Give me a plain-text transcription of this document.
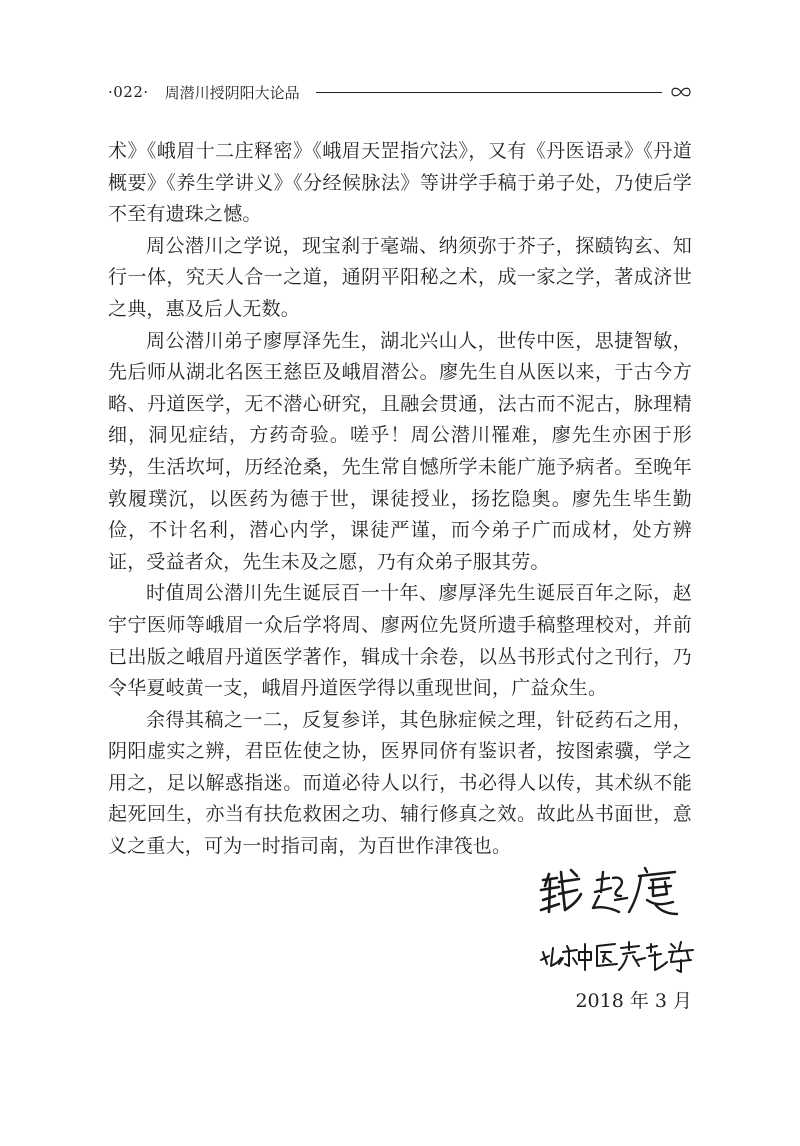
·022· 周潜川授阴阳大论品

术》《峨眉十二庄释密》《峨眉天罡指穴法》，又有《丹医语录》《丹道概要》《养生学讲义》《分经候脉法》等讲学手稿于弟子处，乃使后学不至有遗珠之憾。

周公潜川之学说，现宝刹于毫端、纳须弥于芥子，探赜钩玄、知行一体，究天人合一之道，通阴平阳秘之术，成一家之学，著成济世之典，惠及后人无数。

周公潜川弟子廖厚泽先生，湖北兴山人，世传中医，思捷智敏，先后师从湖北名医王慈臣及峨眉潜公。廖先生自从医以来，于古今方略、丹道医学，无不潜心研究，且融会贯通，法古而不泥古，脉理精细，洞见症结，方药奇验。嗟乎！周公潜川罹难，廖先生亦困于形势，生活坎坷，历经沧桑，先生常自憾所学未能广施予病者。至晚年敦履璞沉，以医药为德于世，课徒授业，扬扢隐奥。廖先生毕生勤俭，不计名利，潜心内学，课徒严谨，而今弟子广而成材，处方辨证，受益者众，先生未及之愿，乃有众弟子服其劳。

时值周公潜川先生诞辰百一十年、廖厚泽先生诞辰百年之际，赵宇宁医师等峨眉一众后学将周、廖两位先贤所遗手稿整理校对，并前已出版之峨眉丹道医学著作，辑成十余卷，以丛书形式付之刊行，乃令华夏岐黄一支，峨眉丹道医学得以重现世间，广益众生。

余得其稿之一二，反复参详，其色脉症候之理，针砭药石之用，阴阳虚实之辨，君臣佐使之协，医界同侪有鉴识者，按图索骥，学之用之，足以解惑指迷。而道必待人以行，书必得人以传，其术纵不能起死回生，亦当有扶危救困之功、辅行修真之效。故此丛书面世，意义之重大，可为一时指司南，为百世作津筏也。

2018 年 3 月
